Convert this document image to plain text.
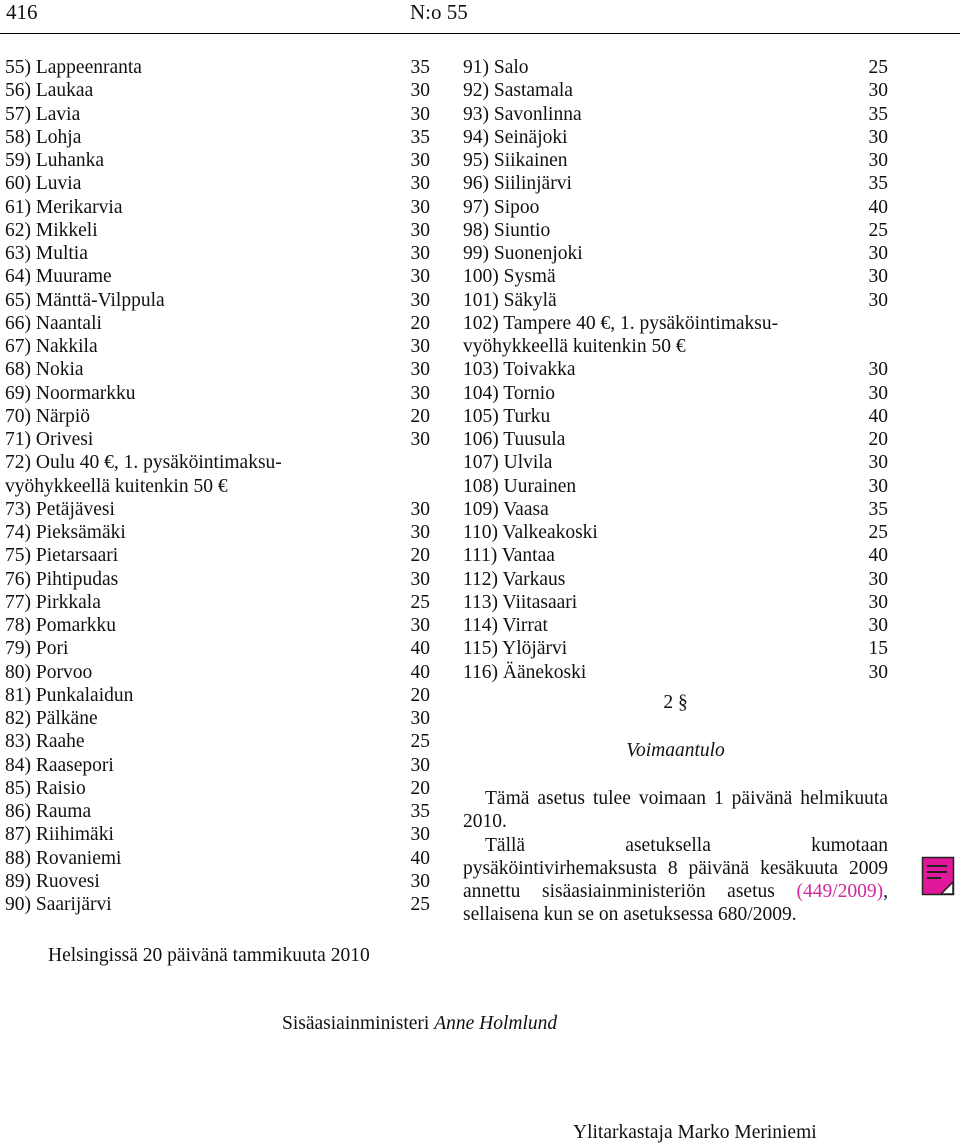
416	N:o 55
55) Lappeenranta	35
56) Laukaa	30
57) Lavia	30
58) Lohja	35
59) Luhanka	30
60) Luvia	30
61) Merikarvia	30
62) Mikkeli	30
63) Multia	30
64) Muurame	30
65) Mänttä-Vilppula	30
66) Naantali	20
67) Nakkila	30
68) Nokia	30
69) Noormarkku	30
70) Närpiö	20
71) Orivesi	30
72) Oulu 40 €, 1. pysäköintimaksu-
vyöhykkeellä kuitenkin 50 €
73) Petäjävesi	30
74) Pieksämäki	30
75) Pietarsaari	20
76) Pihtipudas	30
77) Pirkkala	25
78) Pomarkku	30
79) Pori	40
80) Porvoo	40
81) Punkalaidun	20
82) Pälkäne	30
83) Raahe	25
84) Raasepori	30
85) Raisio	20
86) Rauma	35
87) Riihimäki	30
88) Rovaniemi	40
89) Ruovesi	30
90) Saarijärvi	25
91) Salo	25
92) Sastamala	30
93) Savonlinna	35
94) Seinäjoki	30
95) Siikainen	30
96) Siilinjärvi	35
97) Sipoo	40
98) Siuntio	25
99) Suonenjoki	30
100) Sysmä	30
101) Säkylä	30
102) Tampere 40 €, 1. pysäköintimaksu-
vyöhykkeellä kuitenkin 50 €
103) Toivakka	30
104) Tornio	30
105) Turku	40
106) Tuusula	20
107) Ulvila	30
108) Uurainen	30
109) Vaasa	35
110) Valkeakoski	25
111) Vantaa	40
112) Varkaus	30
113) Viitasaari	30
114) Virrat	30
115) Ylöjärvi	15
116) Äänekoski	30
2 §
Voimaantulo

Tämä asetus tulee voimaan 1 päivänä helmikuuta 2010.

Tällä asetuksella kumotaan pysäköintivirhemaksusta 8 päivänä kesäkuuta 2009 annettu sisäasiainministeriön asetus (449/2009), sellaisena kun se on asetuksessa 680/2009.

Helsingissä 20 päivänä tammikuuta 2010
Sisäasiainministeri Anne Holmlund
Ylitarkastaja Marko Meriniemi
